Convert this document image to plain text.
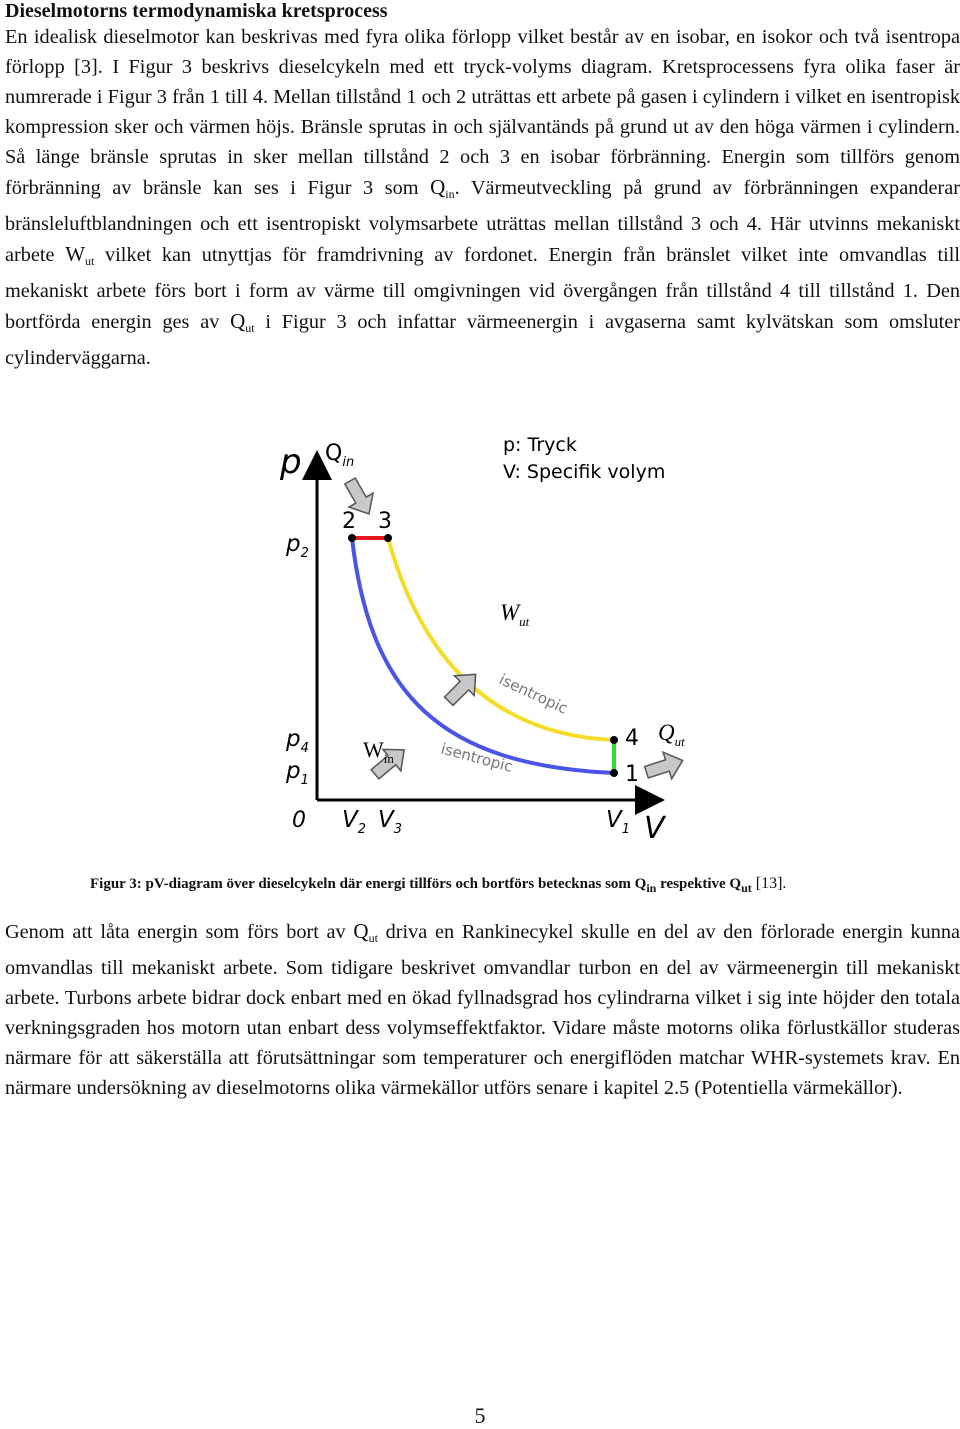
Dieselmotorns termodynamiska kretsprocess

En idealisk dieselmotor kan beskrivas med fyra olika förlopp vilket består av en isobar, en isokor och två isentropa förlopp [3]. I Figur 3 beskrivs dieselcykeln med ett tryck-volyms diagram. Kretsprocessens fyra olika faser är numrerade i Figur 3 från 1 till 4. Mellan tillstånd 1 och 2 uträttas ett arbete på gasen i cylindern i vilket en isentropisk kompression sker och värmen höjs. Bränsle sprutas in och självantänds på grund ut av den höga värmen i cylindern. Så länge bränsle sprutas in sker mellan tillstånd 2 och 3 en isobar förbränning. Energin som tillförs genom förbränning av bränsle kan ses i Figur 3 som Qin. Värmeutveckling på grund av förbränningen expanderar bränsleluftblandningen och ett isentropiskt volymsarbete uträttas mellan tillstånd 3 och 4. Här utvinns mekaniskt arbete Wut vilket kan utnyttjas för framdrivning av fordonet. Energin från bränslet vilket inte omvandlas till mekaniskt arbete förs bort i form av värme till omgivningen vid övergången från tillstånd 4 till tillstånd 1. Den bortförda energin ges av Qut i Figur 3 och infattar värmeenergin i avgaserna samt kylvätskan som omsluter cylinderväggarna.

p: Tryck
V: Specifik volym
p
V
0
$p_2$
$p_4$
$p_1$
$V_2$ $V_3$	$V_1$
2 3
4
1
$Q_{in}$
$W_{ut}$
$W_{in}$
$Q_{ut}$
isentropic
isentropic
Figur 3: pV-diagram över dieselcykeln där energi tillförs och bortförs betecknas som $Q_{in}$ respektive $Q_{ut}$ [13].

Genom att låta energin som förs bort av Qut driva en Rankinecykel skulle en del av den förlorade energin kunna omvandlas till mekaniskt arbete. Som tidigare beskrivet omvandlar turbon en del av värmeenergin till mekaniskt arbete. Turbons arbete bidrar dock enbart med en ökad fyllnadsgrad hos cylindrarna vilket i sig inte höjder den totala verkningsgraden hos motorn utan enbart dess volymseffektfaktor. Vidare måste motorns olika förlustkällor studeras närmare för att säkerställa att förutsättningar som temperaturer och energiflöden matchar WHR-systemets krav. En närmare undersökning av dieselmotorns olika värmekällor utförs senare i kapitel 2.5 (Potentiella värmekällor).

5
